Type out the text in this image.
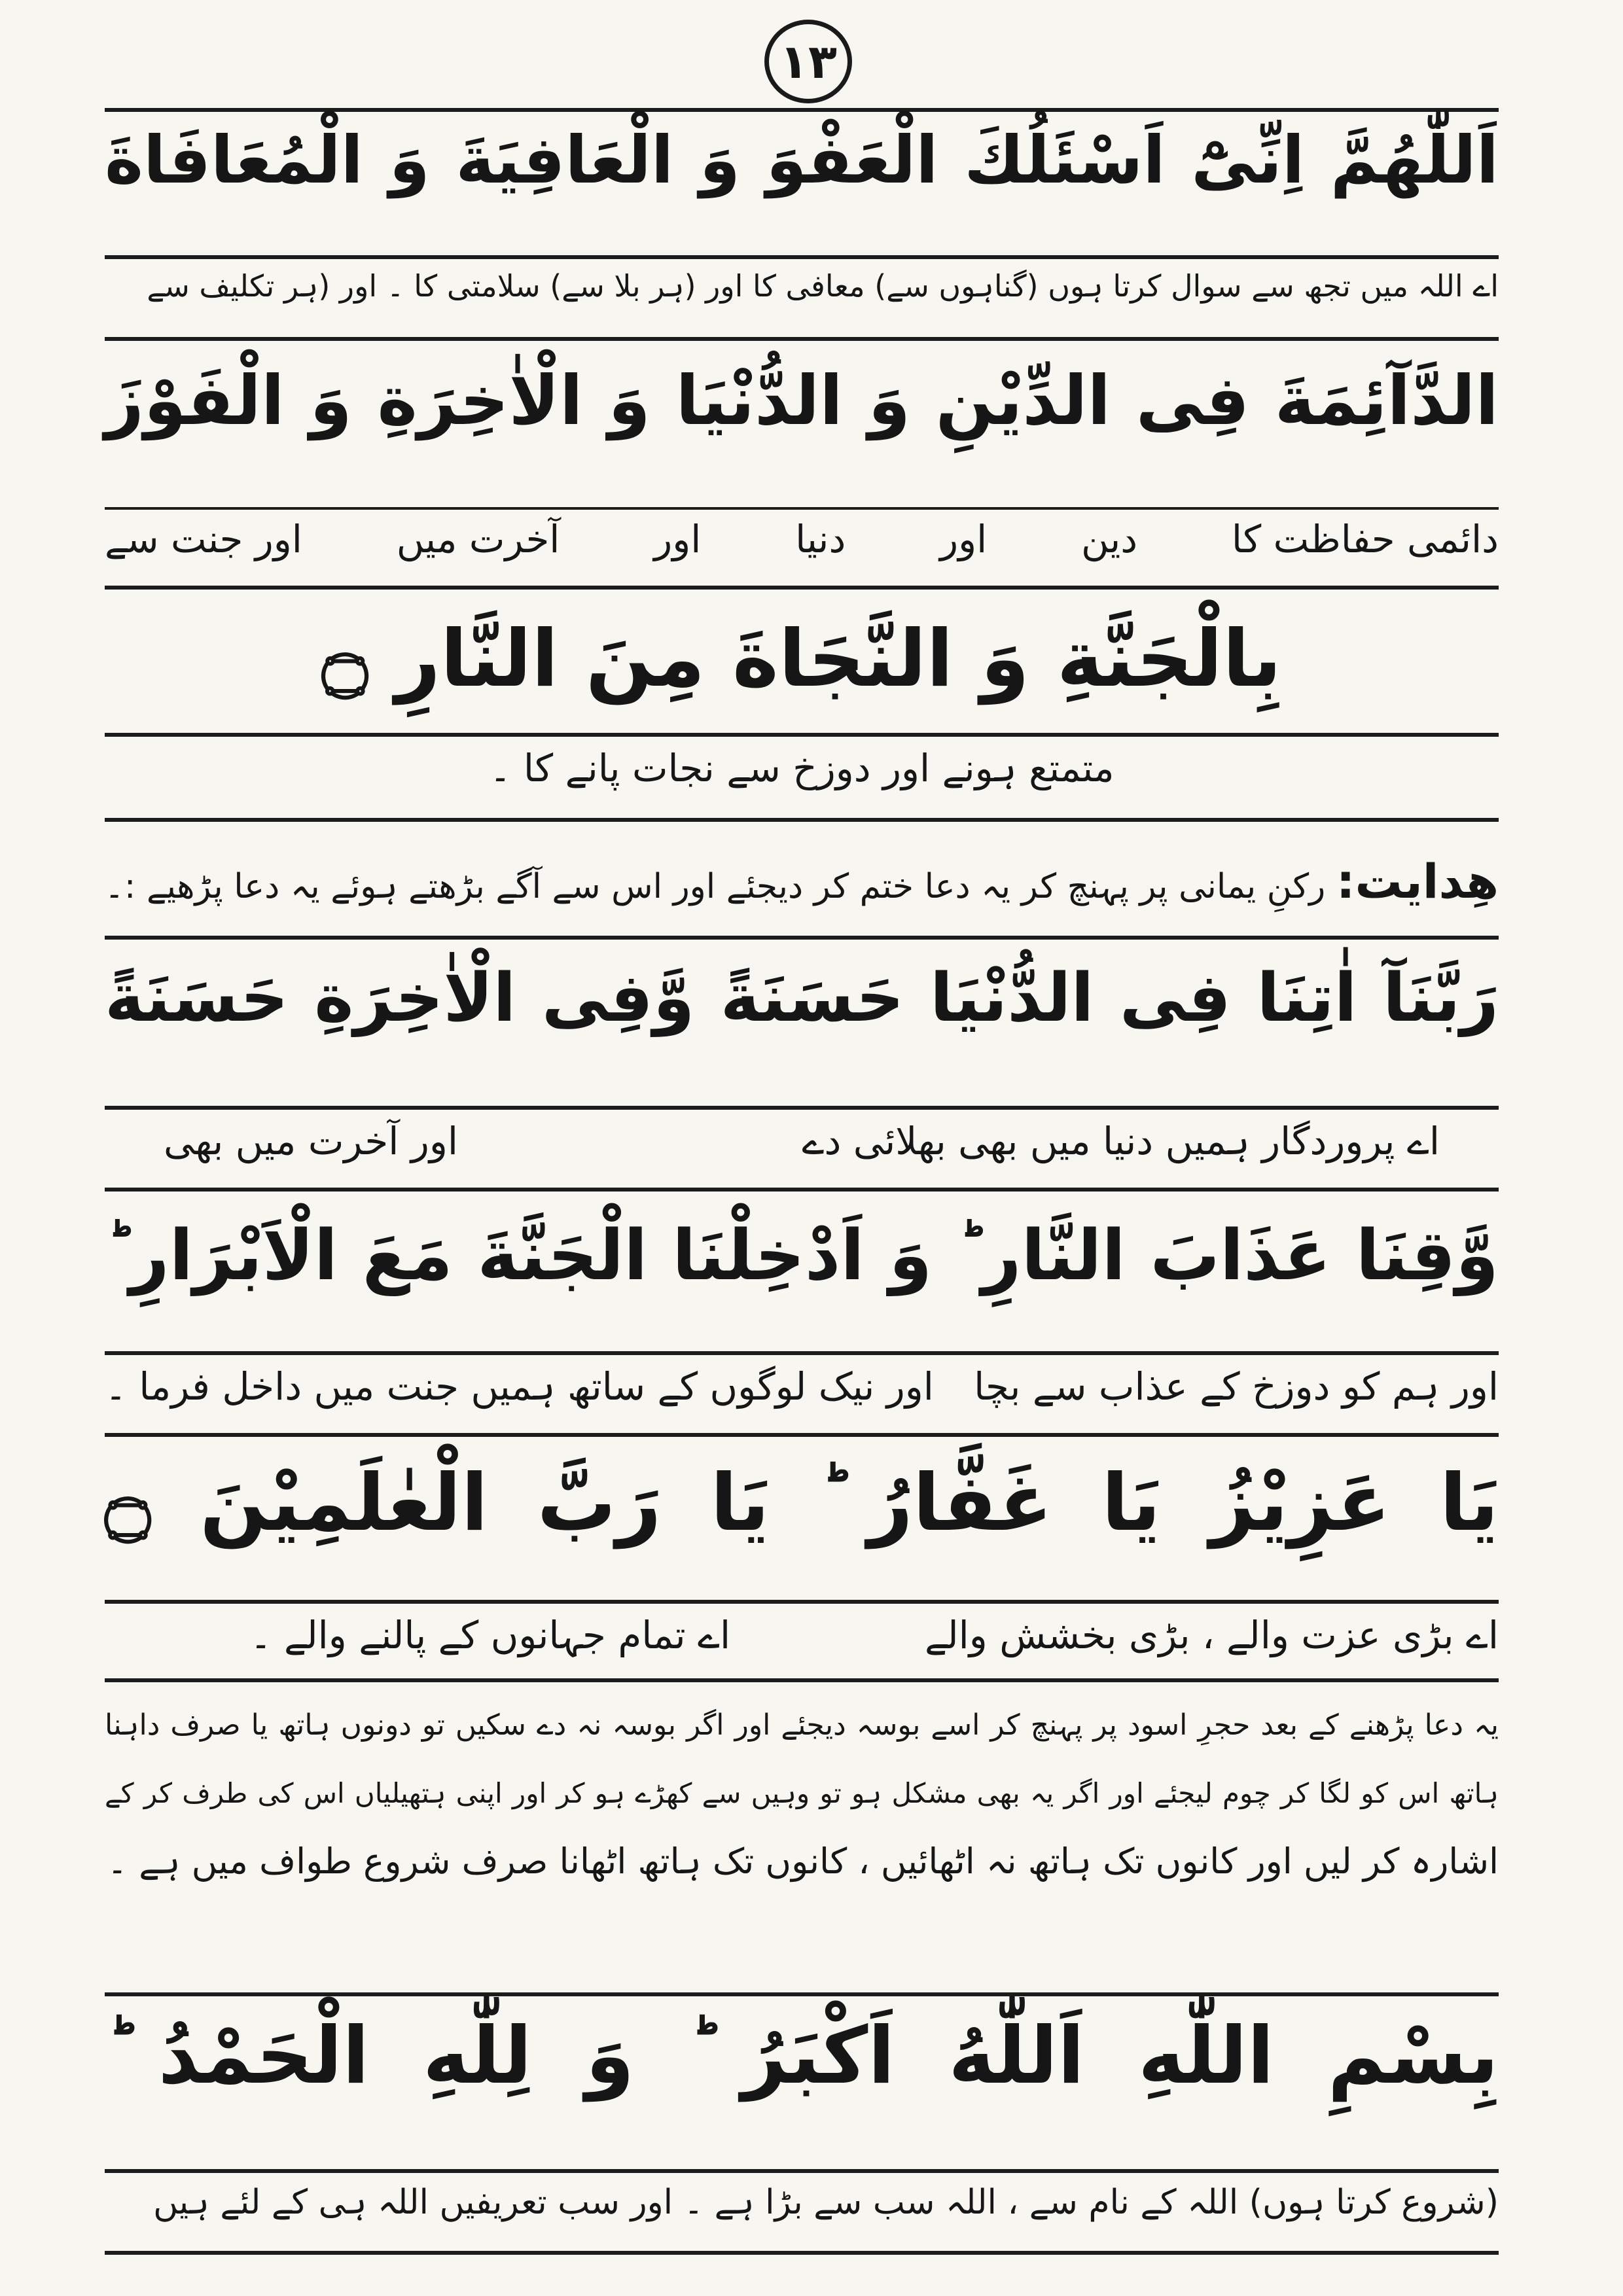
۱۳
اَللّٰهُمَّ اِنِّیْٓ اَسْئَلُكَ الْعَفْوَ وَ الْعَافِيَةَ وَ الْمُعَافَاةَ
اے اللہ میں تجھ سے سوال کرتا ہوں (گناہوں سے) معافی کا اور (ہر بلا سے) سلامتی کا ۔ اور (ہر تکلیف سے
الدَّآئِمَةَ فِی الدِّیْنِ وَ الدُّنْیَا وَ الْاٰخِرَةِ وَ الْفَوْزَ
دائمی حفاظت کا
دین
اور
دنیا
اور
آخرت میں
اور جنت سے
بِالْجَنَّةِ وَ النَّجَاةَ مِنَ النَّارِ ۝
متمتع ہونے اور دوزخ سے نجات پانے کا ۔
ھِدایت: رکنِ یمانی پر پہنچ کر یہ دعا ختم کر دیجئے اور اس سے آگے بڑھتے ہوئے یہ دعا پڑھیے :۔
رَبَّنَآ اٰتِنَا فِی الدُّنْیَا حَسَنَةً وَّفِی الْاٰخِرَةِ حَسَنَةً
اے پروردگار ہمیں دنیا میں بھی بھلائی دے
اور آخرت میں بھی
وَّقِنَا عَذَابَ النَّارِ ؕ وَ اَدْخِلْنَا الْجَنَّةَ مَعَ الْاَبْرَارِ ؕ
اور ہم کو دوزخ کے عذاب سے بچا
اور نیک لوگوں کے ساتھ ہمیں جنت میں داخل فرما ۔
یَا عَزِیْزُ یَا غَفَّارُ ؕ یَا رَبَّ الْعٰلَمِیْنَ ۝
اے بڑی عزت والے ، بڑی بخشش والے  اے تمام جہانوں کے پالنے والے ۔
یہ دعا پڑھنے کے بعد حجرِ اسود پر پہنچ کر اسے بوسہ دیجئے اور اگر بوسہ نہ دے سکیں تو دونوں ہاتھ یا صرف داہنا
ہاتھ اس کو لگا کر چوم لیجئے اور اگر یہ بھی مشکل ہو تو وہیں سے کھڑے ہو کر اور اپنی ہتھیلیاں اس کی طرف کر کے
اشارہ کر لیں اور کانوں تک ہاتھ نہ اٹھائیں ، کانوں تک ہاتھ اٹھانا صرف شروع طواف میں ہے ۔
بِسْمِ اللّٰهِ اَللّٰهُ اَكْبَرُ ؕ وَ لِلّٰهِ الْحَمْدُ ؕ
(شروع کرتا ہوں) اللہ کے نام سے ، اللہ سب سے بڑا ہے ۔ اور سب تعریفیں اللہ ہی کے لئے ہیں
